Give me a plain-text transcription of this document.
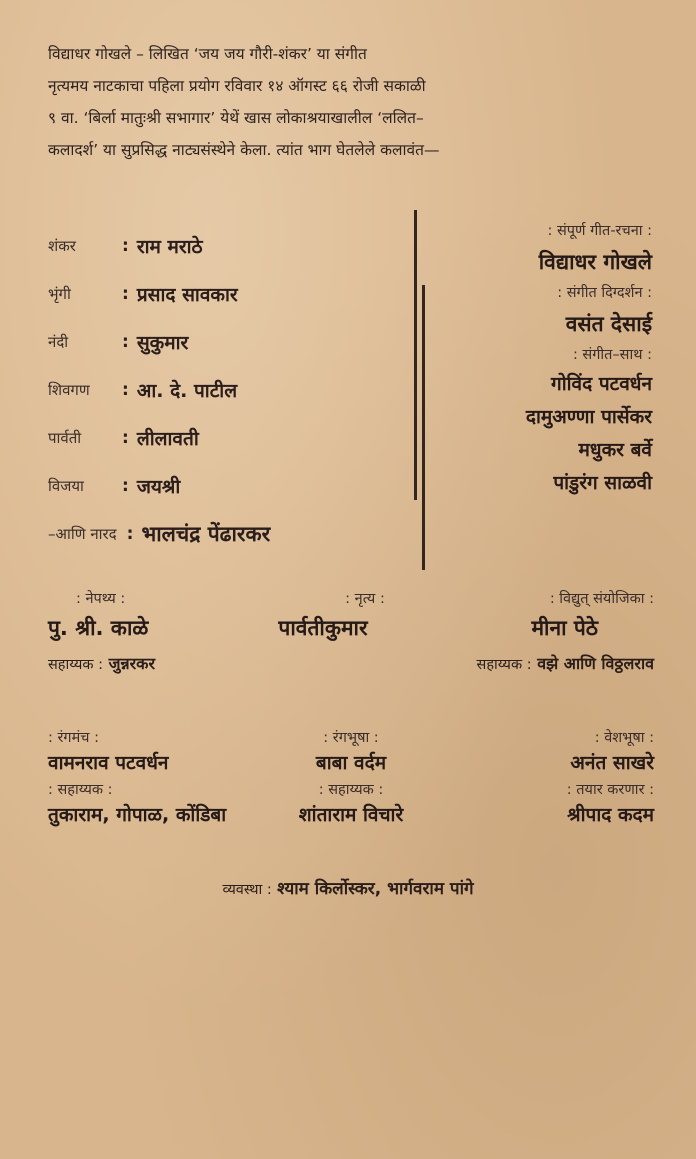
विद्याधर गोखले – लिखित ‘जय जय गौरी-शंकर’ या संगीत
नृत्यमय नाटकाचा पहिला प्रयोग रविवार १४ ऑगस्ट ६६ रोजी सकाळी
९ वा. ‘बिर्ला मातुःश्री सभागार’ येथें खास लोकाश्रयाखालील ‘ललित–
कलादर्श’ या सुप्रसिद्ध नाट्यसंस्थेने केला. त्यांत भाग घेतलेले कलावंत—
शंकर	: राम मराठे
भृंगी	: प्रसाद सावकार
नंदी	: सुकुमार
शिवगण	: आ. दे. पाटील
पार्वती	: लीलावती
विजया	: जयश्री
–आणि नारद : भालचंद्र पेंढारकर
: संपूर्ण गीत-रचना :
विद्याधर गोखले
: संगीत दिग्दर्शन :
वसंत देसाई
: संगीत–साथ :
गोविंद पटवर्धन
दामुअण्णा पार्सेकर
मधुकर बर्वे
पांडुरंग साळवी
: नेपथ्य :	: नृत्य :	: विद्युत् संयोजिका :
पु. श्री. काळे	पार्वतीकुमार	मीना पेठे
सहाय्यक : जुन्नरकर	सहाय्यक : वझे आणि विठ्ठलराव
: रंगमंच :	: रंगभूषा :	: वेशभूषा :
वामनराव पटवर्धन	बाबा वर्दम	अनंत साखरे
: सहाय्यक :	: सहाय्यक :	: तयार करणार :
तुकाराम, गोपाळ, कोंडिबा	शांताराम विचारे	श्रीपाद कदम
व्यवस्था : श्याम किर्लोस्कर, भार्गवराम पांगे
